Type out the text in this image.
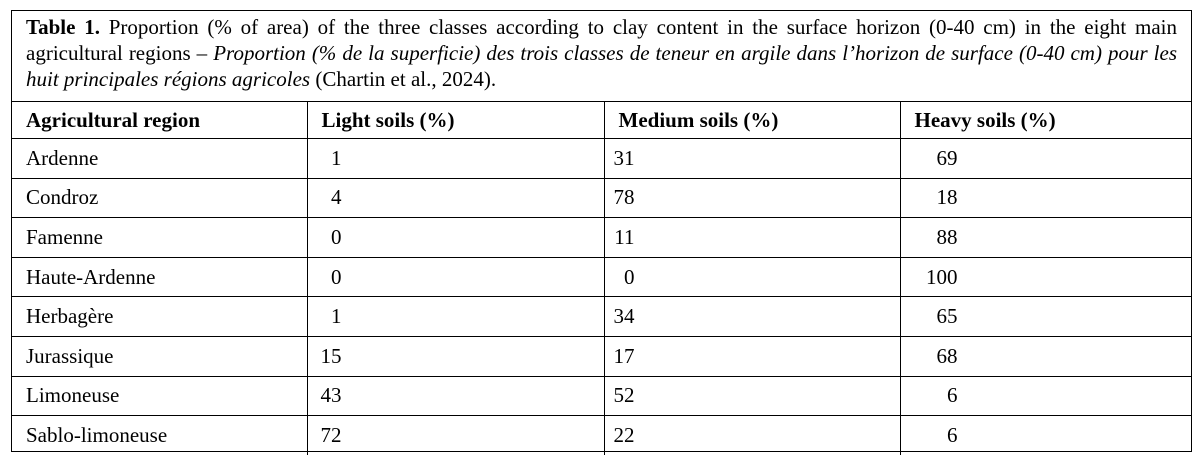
Table 1. Proportion (% of area) of the three classes according to clay content in the surface horizon (0-40 cm) in the eight main agricultural regions – Proportion (% de la superficie) des trois classes de teneur en argile dans l’horizon de surface (0-40 cm) pour les huit principales régions agricoles (Chartin et al., 2024).
Agricultural region	Light soils (%)	Medium soils (%)	Heavy soils (%)
Ardenne	1	31	69
Condroz	4	78	18
Famenne	0	11	88
Haute-Ardenne	0	0	100
Herbagère	1	34	65
Jurassique	15	17	68
Limoneuse	43	52	6
Sablo-limoneuse	72	22	6
